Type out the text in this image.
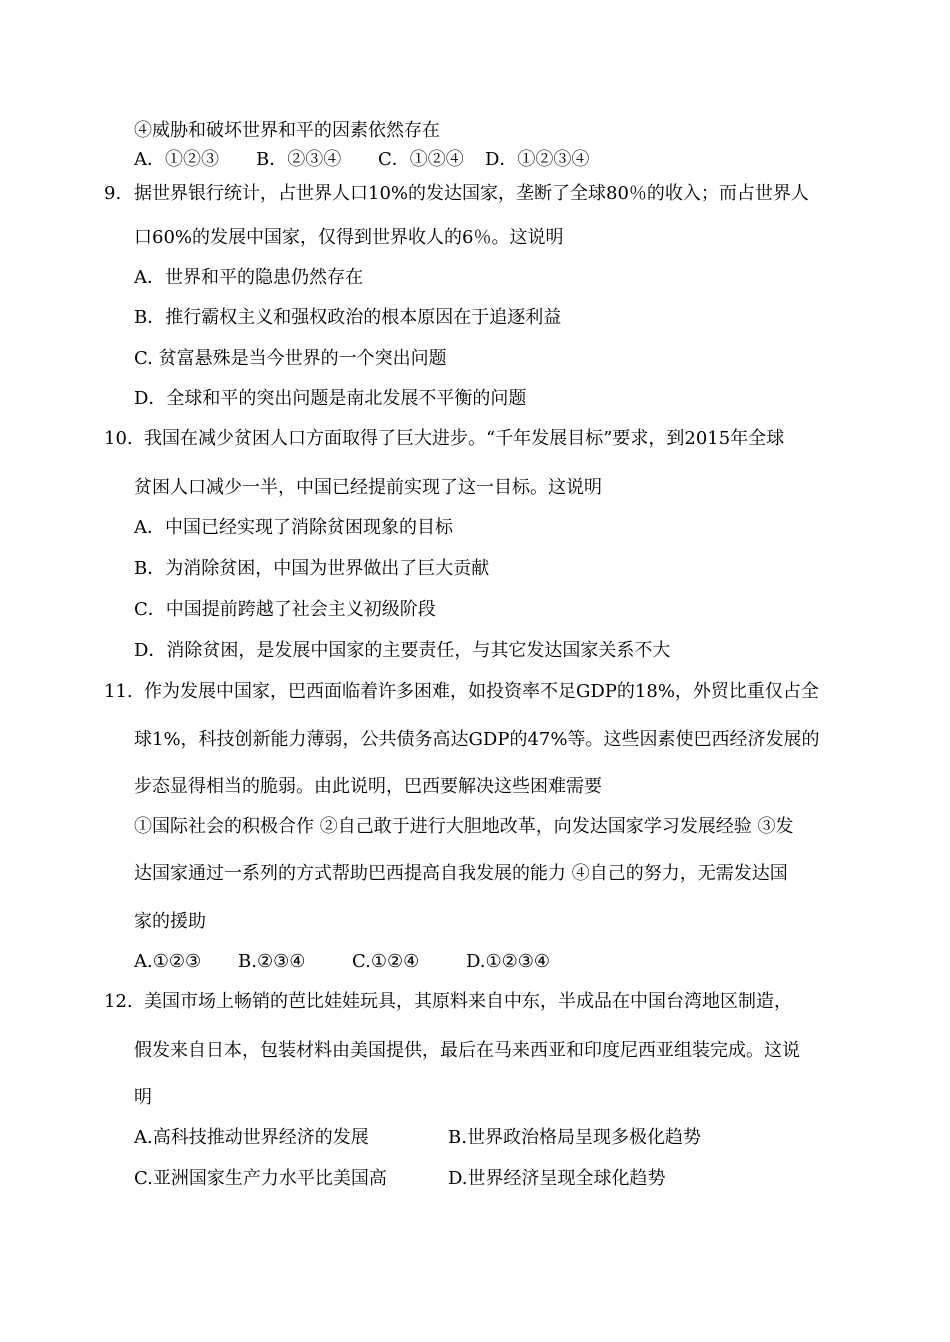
④威胁和破坏世界和平的因素依然存在
A．①②③ B．②③④ C．①②④ D．①②③④
9. 据世界银行统计，占世界人口10%的发达国家，垄断了全球80％的收入；而占世界人
口60%的发展中国家，仅得到世界收人的6％。这说明
A．世界和平的隐患仍然存在
B．推行霸权主义和强权政治的根本原因在于追逐利益
C. 贫富悬殊是当今世界的一个突出问题
D．全球和平的突出问题是南北发展不平衡的问题
10. 我国在减少贫困人口方面取得了巨大进步。“千年发展目标”要求，到2015年全球
贫困人口减少一半，中国已经提前实现了这一目标。这说明
A．中国已经实现了消除贫困现象的目标
B．为消除贫困，中国为世界做出了巨大贡献
C．中国提前跨越了社会主义初级阶段
D．消除贫困，是发展中国家的主要责任，与其它发达国家关系不大
11. 作为发展中国家，巴西面临着许多困难，如投资率不足GDP的18%，外贸比重仅占全
球1%，科技创新能力薄弱，公共债务高达GDP的47%等。这些因素使巴西经济发展的
步态显得相当的脆弱。由此说明，巴西要解决这些困难需要
①国际社会的积极合作 ②自己敢于进行大胆地改革，向发达国家学习发展经验 ③发
达国家通过一系列的方式帮助巴西提高自我发展的能力 ④自己的努力，无需发达国
家的援助
A.①②③ B.②③④	C.①②④	D.①②③④
12. 美国市场上畅销的芭比娃娃玩具，其原料来自中东，半成品在中国台湾地区制造，
假发来自日本，包装材料由美国提供，最后在马来西亚和印度尼西亚组装完成。这说
明
A.高科技推动世界经济的发展	B.世界政治格局呈现多极化趋势
C.亚洲国家生产力水平比美国高	D.世界经济呈现全球化趋势
